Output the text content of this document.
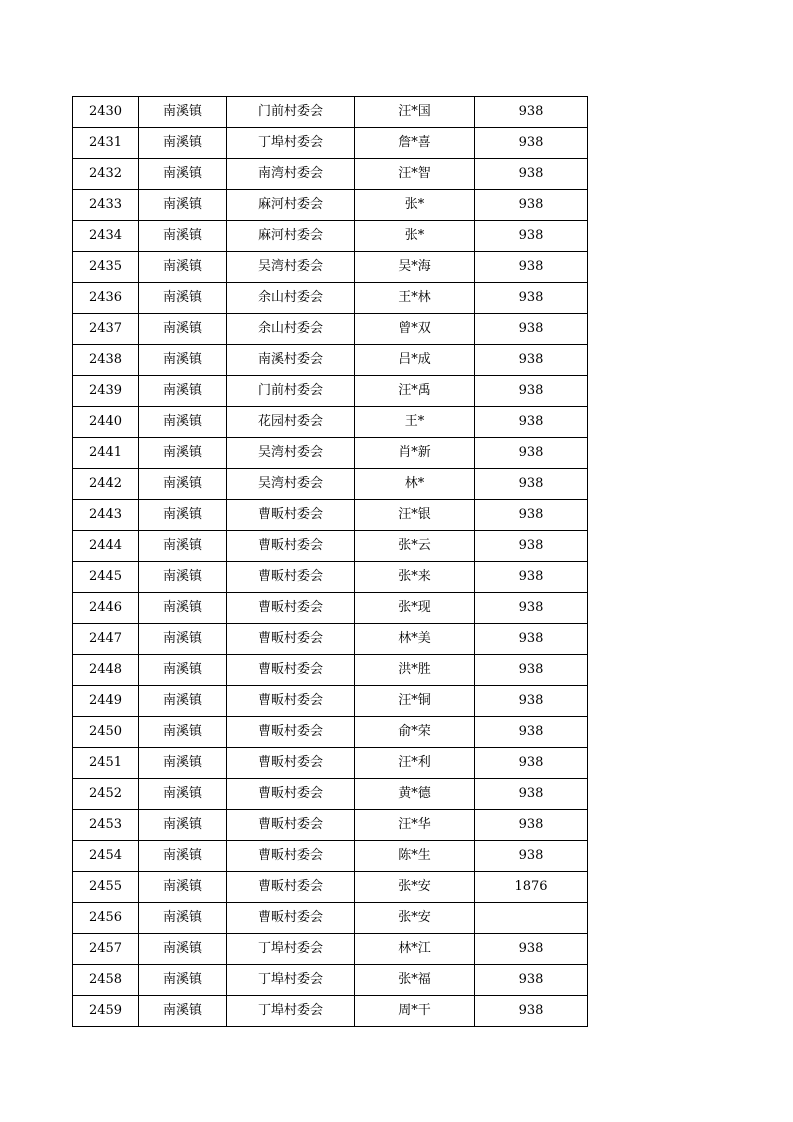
2430	南溪镇	门前村委会	汪*国	938
2431	南溪镇	丁埠村委会	詹*喜	938
2432	南溪镇	南湾村委会	汪*智	938
2433	南溪镇	麻河村委会	张*	938
2434	南溪镇	麻河村委会	张*	938
2435	南溪镇	吴湾村委会	吴*海	938
2436	南溪镇	余山村委会	王*林	938
2437	南溪镇	余山村委会	曾*双	938
2438	南溪镇	南溪村委会	吕*成	938
2439	南溪镇	门前村委会	汪*禹	938
2440	南溪镇	花园村委会	王*	938
2441	南溪镇	吴湾村委会	肖*新	938
2442	南溪镇	吴湾村委会	林*	938
2443	南溪镇	曹畈村委会	汪*银	938
2444	南溪镇	曹畈村委会	张*云	938
2445	南溪镇	曹畈村委会	张*来	938
2446	南溪镇	曹畈村委会	张*现	938
2447	南溪镇	曹畈村委会	林*美	938
2448	南溪镇	曹畈村委会	洪*胜	938
2449	南溪镇	曹畈村委会	汪*铜	938
2450	南溪镇	曹畈村委会	俞*荣	938
2451	南溪镇	曹畈村委会	汪*利	938
2452	南溪镇	曹畈村委会	黄*德	938
2453	南溪镇	曹畈村委会	汪*华	938
2454	南溪镇	曹畈村委会	陈*生	938
2455	南溪镇	曹畈村委会	张*安	1876
2456	南溪镇	曹畈村委会	张*安	
2457	南溪镇	丁埠村委会	林*江	938
2458	南溪镇	丁埠村委会	张*福	938
2459	南溪镇	丁埠村委会	周*干	938
